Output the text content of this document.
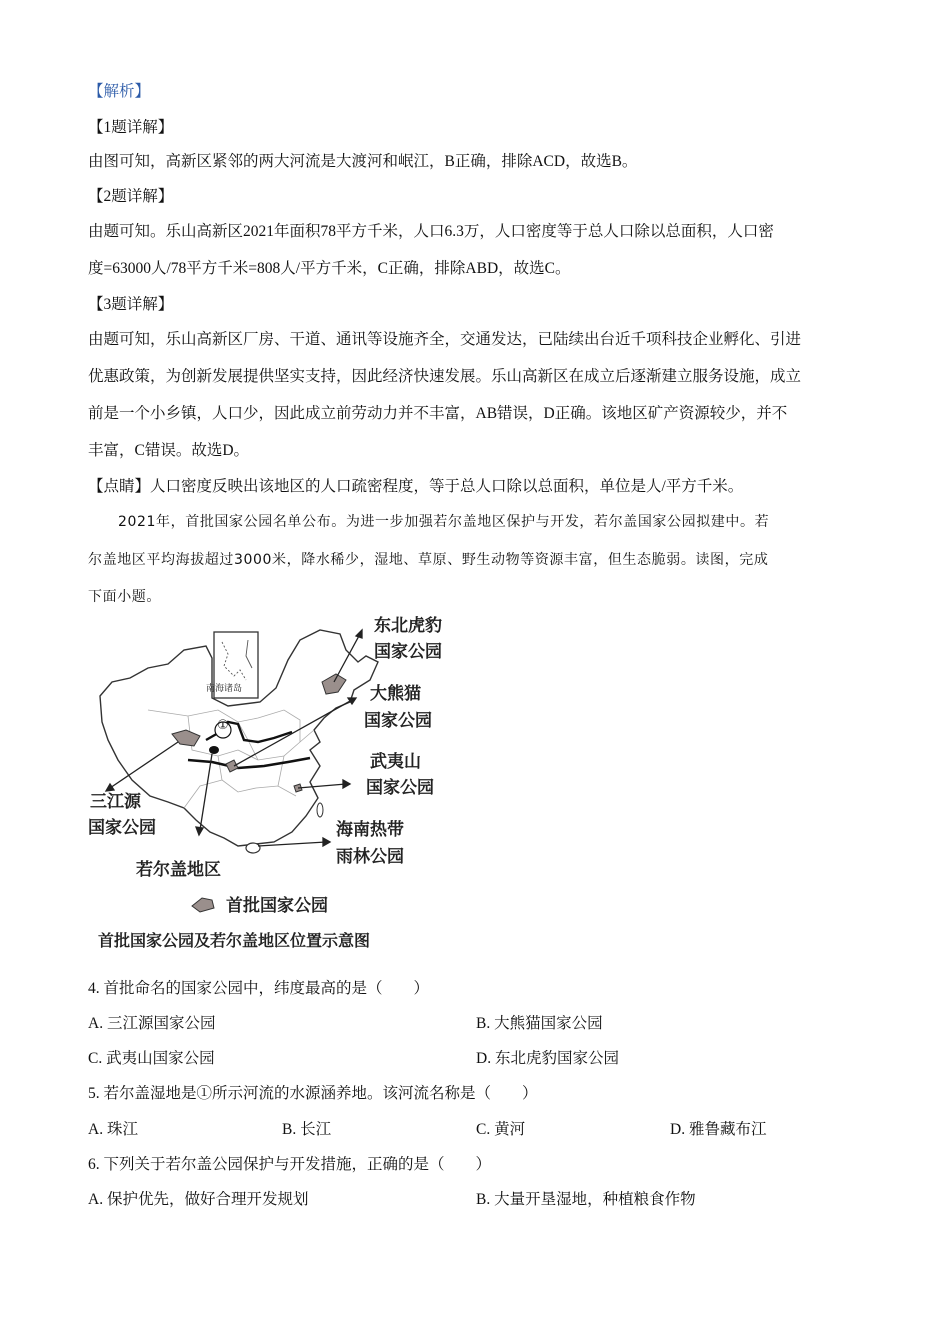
【解析】
【1题详解】
由图可知，高新区紧邻的两大河流是大渡河和岷江，B正确，排除ACD，故选B。
【2题详解】
由题可知。乐山高新区2021年面积78平方千米，人口6.3万，人口密度等于总人口除以总面积，人口密
度=63000人/78平方千米=808人/平方千米，C正确，排除ABD，故选C。
【3题详解】
由题可知，乐山高新区厂房、干道、通讯等设施齐全，交通发达，已陆续出台近千项科技企业孵化、引进
优惠政策，为创新发展提供坚实支持，因此经济快速发展。乐山高新区在成立后逐渐建立服务设施，成立
前是一个小乡镇，人口少，因此成立前劳动力并不丰富，AB错误，D正确。该地区矿产资源较少，并不
丰富，C错误。故选D。
【点睛】人口密度反映出该地区的人口疏密程度，等于总人口除以总面积，单位是人/平方千米。
2021年，首批国家公园名单公布。为进一步加强若尔盖地区保护与开发，若尔盖国家公园拟建中。若
尔盖地区平均海拔超过3000米，降水稀少，湿地、草原、野生动物等资源丰富，但生态脆弱。读图，完成
下面小题。
南海诸岛
①
东北虎豹
国家公园
大熊猫
国家公园
武夷山
国家公园
三江源
国家公园	海南热带
雨林公园
若尔盖地区
首批国家公园
首批国家公园及若尔盖地区位置示意图
4. 首批命名的国家公园中，纬度最高的是（　　）
A. 三江源国家公园	B. 大熊猫国家公园
C. 武夷山国家公园	D. 东北虎豹国家公园
5. 若尔盖湿地是①所示河流的水源涵养地。该河流名称是（　　）
A. 珠江	B. 长江	C. 黄河	D. 雅鲁藏布江
6. 下列关于若尔盖公园保护与开发措施，正确的是（　　）
A. 保护优先，做好合理开发规划	B. 大量开垦湿地，种植粮食作物
